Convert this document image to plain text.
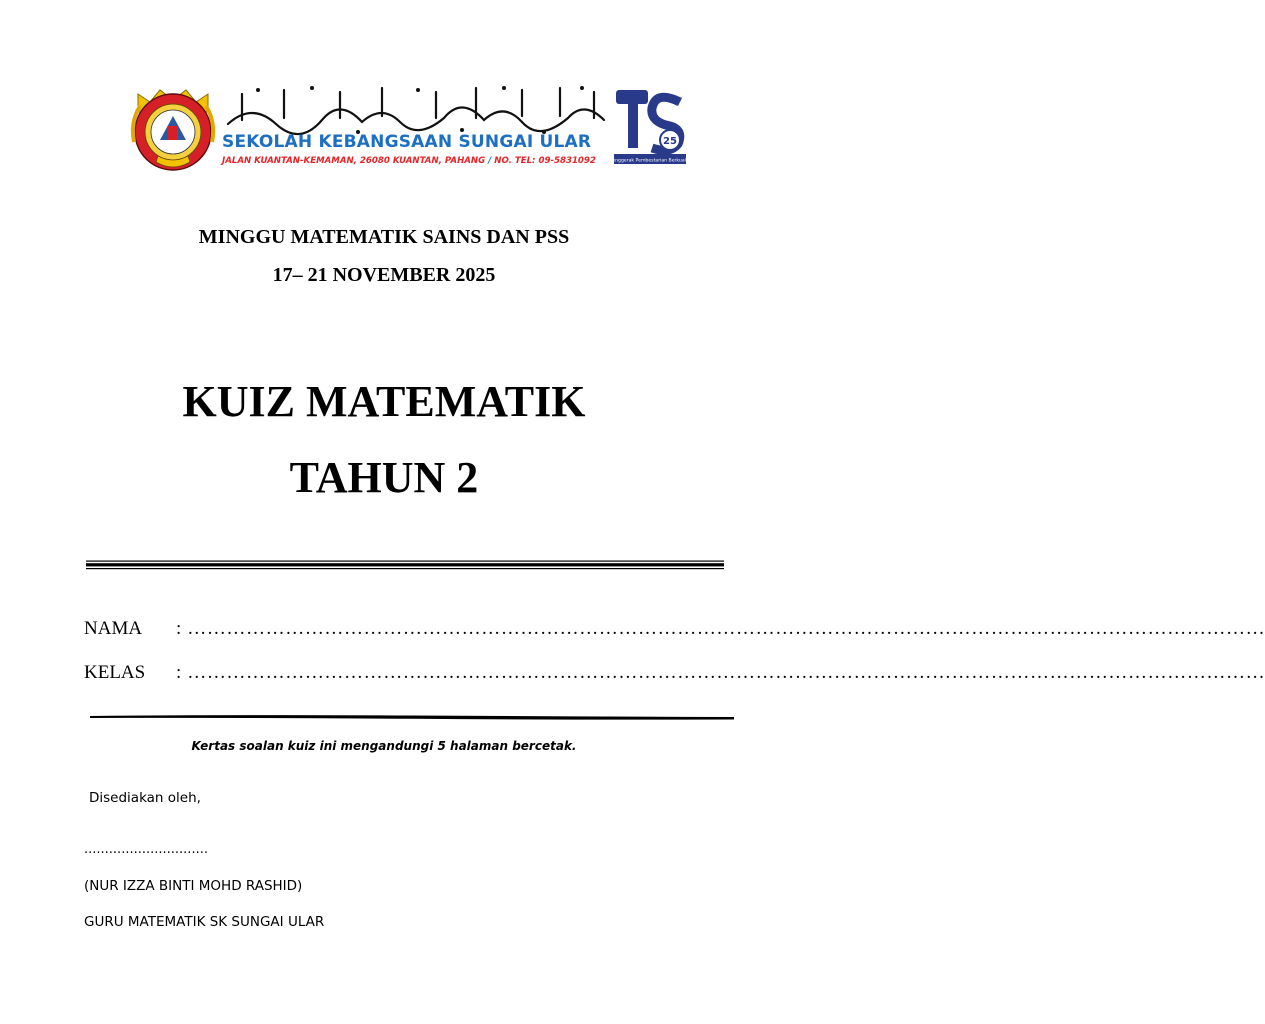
SEKOLAH KEBANGSAAN SUNGAI ULAR
JALAN KUANTAN-KEMAMAN, 26080 KUANTAN, PAHANG / NO. TEL: 09-5831092
25
Penggerak Pembestarian Berkualiti
MINGGU MATEMATIK SAINS DAN PSS
17– 21 NOVEMBER 2025
KUIZ MATEMATIK
TAHUN 2
NAMA : …………………………………………………………………………………………………………………………………………………
KELAS : …………………………………………………………………………………………………………………………………………………
Kertas soalan kuiz ini mengandungi 5 halaman bercetak.
Disediakan oleh,
..............................
(NUR IZZA BINTI MOHD RASHID)
GURU MATEMATIK SK SUNGAI ULAR
